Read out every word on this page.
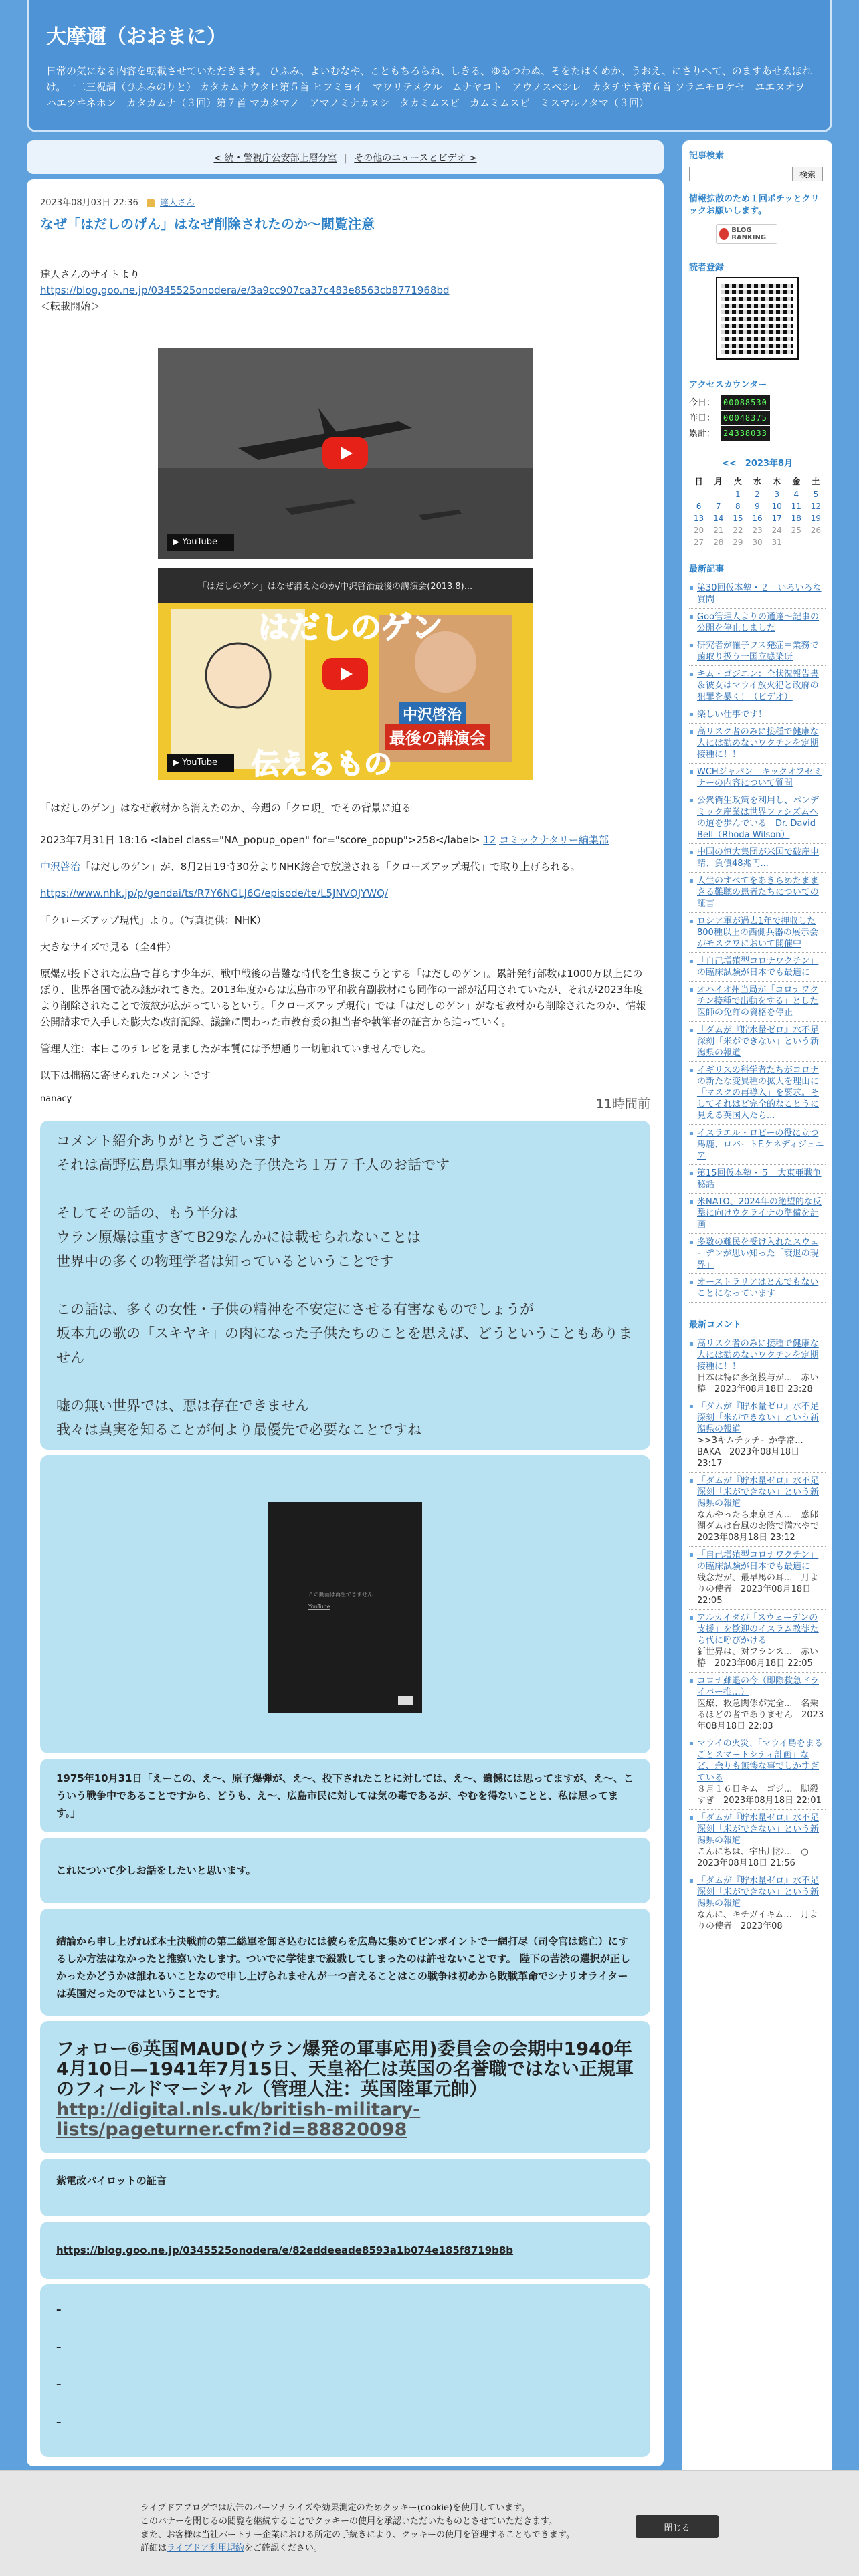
大摩邇（おおまに）
日常の気になる内容を転載させていただきます。 ひふみ、よいむなや、こともちろらね、しきる、ゆゐつわぬ、そをたはくめか、うおえ、にさりへて、のますあせゑほれけ。一二三祝詞（ひふみのりと） カタカムナウタヒ第５首 ヒフミヨイ　マワリテメクル　ムナヤコト　アウノスベシレ　カタチサキ第６首 ソラニモロケセ　ユエヌオヲ　ハエツヰネホン　カタカムナ（３回）第７首 マカタマノ　アマノミナカヌシ　タカミムスビ　カムミムスビ　ミスマルノタマ（３回）
< 続・警視庁公安部上層分室 | その他のニュースとビデオ >
2023年08月03日 22:36 達人さん
なぜ「はだしのげん」はなぜ削除されたのか〜閲覧注意
達人さんのサイトより
https://blog.goo.ne.jp/0345525onodera/e/3a9cc907ca37c483e8563cb8771968bd
＜転載開始＞
▶ YouTube
「はだしのゲン」はなぜ消えたのか/中沢啓治最後の講演会(2013.8)...
はだしのゲン
中沢啓治
最後の講演会
伝えるもの
▶ YouTube
「はだしのゲン」はなぜ教材から消えたのか、今週の「クロ現」でその背景に迫る
2023年7月31日 18:16 <label class="NA_popup_open" for="score_popup">258</label> 12 コミックナタリー編集部
中沢啓治「はだしのゲン」が、8月2日19時30分よりNHK総合で放送される「クローズアップ現代」で取り上げられる。
https://www.nhk.jp/p/gendai/ts/R7Y6NGLJ6G/episode/te/L5JNVQJYWQ/
「クローズアップ現代」より。（写真提供：NHK）
大きなサイズで見る（全4件）
原爆が投下された広島で暮らす少年が、戦中戦後の苦難な時代を生き抜こうとする「はだしのゲン」。累計発行部数は1000万以上にのぼり、世界各国で読み継がれてきた。2013年度からは広島市の平和教育副教材にも同作の一部が活用されていたが、それが2023年度より削除されたことで波紋が広がっているという。「クローズアップ現代」では「はだしのゲン」がなぜ教材から削除されたのか、情報公開請求で入手した膨大な改訂記録、議論に関わった市教育委の担当者や執筆者の証言から迫っていく。
管理人注：本日このテレビを見ましたが本質には予想通り一切触れていませんでした。
以下は拙稿に寄せられたコメントです
nanacy	11時間前
コメント紹介ありがとうございます
それは高野広島県知事が集めた子供たち１万７千人のお話です
そしてその話の、もう半分は
ウラン原爆は重すぎてB29なんかには載せられないことは
世界中の多くの物理学者は知っているということです
この話は、多くの女性・子供の精神を不安定にさせる有害なものでしょうが
坂本九の歌の「スキヤキ」の肉になった子供たちのことを思えば、どうということもありません
嘘の無い世界では、悪は存在できません
我々は真実を知ることが何より最優先で必要なことですね
この動画は再生できません
YouTube
1975年10月31日「えーこの、え〜、原子爆弾が、え〜、投下されたことに対しては、え〜、遺憾には思ってますが、え〜、こういう戦争中であることですから、どうも、え〜、広島市民に対しては気の毒であるが、やむを得ないことと、私は思ってます。」
これについて少しお話をしたいと思います。
結論から申し上げれば本土決戦前の第二総軍を卸さ込むには彼らを広島に集めてピンポイントで一網打尽（司令官は逃亡）にするしか方法はなかったと推察いたします。ついでに学徒まで殺戮してしまったのは許せないことです。 陛下の苦渋の選択が正しかったかどうかは誰れるいことなので申し上げられませんが一つ言えることはこの戦争は初めから敗戦革命でシナリオライターは英国だったのではということです。
フォロー⑥英国MAUD(ウラン爆発の軍事応用)委員会の会期中1940年4月10日—1941年7月15日、天皇裕仁は英国の名誉職ではない正規軍のフィールドマーシャル（管理人注：英国陸軍元帥）
http://digital.nls.uk/british-military-lists/pageturner.cfm?id=88820098
紫電改パイロットの証言
https://blog.goo.ne.jp/0345525onodera/e/82eddeeade8593a1b074e185f8719b8b
–
–
–
–
記事検索
検索
情報拡散のため１回ポチッとクリックお願いします。
BLOG RANKING
読者登録
アクセスカウンター
今日： 00088530
昨日： 00048375
累計： 24338033
<<　2023年8月
日	月	火	水	木	金	土
		1	2	3	4	5
6	7	8	9	10	11	12
13	14	15	16	17	18	19
20	21	22	23	24	25	26
27	28	29	30	31		
最新記事
▪ 第30回仮本塾・２　いろいろな質問
▪ Goo管理人よりの通達〜記事の公開を停止しました
▪ 研究者が罹子フス発症＝業務で菌取り扱う一国立感染研
▪ キム・ゴジエン：全状況報告書＆彼女はマウイ放火犯と政府の犯罪を暴く！（ビデオ）
▪ 楽しい仕事です！
▪ 高リスク者のみに接種で健康な人には勧めないワクチンを定期接種に！！
▪ WCHジャパン　キックオフセミナーの内容について質問
▪ 公衆衛生政策を利用し、パンデミック産業は世界ファシズムへの道を歩んでいる　Dr. David Bell（Rhoda Wilson）
▪ 中国の恒大集団が米国で破産申請、負債48兆円...
▪ 人生のすべてをあきらめたままきる難聴の患者たちについての証言
▪ ロシア軍が過去1年で押収した800種以上の西側兵器の展示会がモスクワにおいて開催中
▪ 「自己増殖型コロナワクチン」の臨床試験が日本でも最適に
▪ オハイオ州当局が「コロナワクチン接種で出動をする」とした医師の免許の資格を停止
▪ 「ダムが『貯水量ゼロ』水不足深刻「米ができない」という新潟県の報道
▪ イギリスの科学者たちがコロナの新たな変異種の拡大を理由に「マスクの再導入」を要求。そしてそれはど完全的なことうに見える英国人たち...
▪ イスラエル・ロビーの役に立つ馬鹿、ロバートF.ケネディジュニア
▪ 第15回仮本塾・５　大東亜戦争秘話
▪ 米NATO、2024年の絶望的な反撃に向けウクライナの準備を計画
▪ 多数の難民を受け入れたスウェーデンが思い知った「衰退の現界」
▪ オーストラリアはとんでもないことになっています
最新コメント
▪ 高リスク者のみに接種で健康な人には勧めないワクチンを定期接種に！！
日本は特に多剤投与が...　赤い椿　2023年08月18日 23:28
▪ 「ダムが『貯水量ゼロ』水不足深刻「米ができない」という新潟県の報道
>>3キムチッチーか学常...　BAKA　2023年08月18日 23:17
▪ 「ダムが『貯水量ゼロ』水不足深刻「米ができない」という新潟県の報道
なんやったら東京さん...　惑郎湖ダムは台風のお陰で満水やで　2023年08月18日 23:12
▪ 「自己増殖型コロナワクチン」の臨床試験が日本でも最適に
残念だが、最早馬の耳...　月よりの使者　2023年08月18日 22:05
▪ アルカイダが「スウェーデンの支援」を歓迎のイスラム教徒たち代に呼びかける
新世界は、対フランス...　赤い椿　2023年08月18日 22:05
▪ コロナ難退の今（即際救急ドライバー推…）
医療、救急関係が完全...　名乗るほどの者でありません　2023年08月18日 22:03
▪ マウイの火災、「マウイ島をまるごとスマートシティ計画」など、余りも無惨な事でしかすぎている
８月１６日キム　ゴジ...　脚殺すぎ　2023年08月18日 22:01
▪ 「ダムが『貯水量ゼロ』水不足深刻「米ができない」という新潟県の報道
こんにちは、宇出川沙...　○　2023年08月18日 21:56
▪ 「ダムが『貯水量ゼロ』水不足深刻「米ができない」という新潟県の報道
なんに、キチガイキム...　月よりの使者　2023年08
ライブドアブログでは広告のパーソナライズや効果測定のためクッキー(cookie)を使用しています。
このバナーを閉じるの閲覧を継続することでクッキーの使用を承認いただいたものとさせていただきます。
また、お客様は当社パートナー企業における所定の手続きにより、クッキーの使用を管理することもできます。
詳細はライブドア利用規約をご確認ください。
閉じる
